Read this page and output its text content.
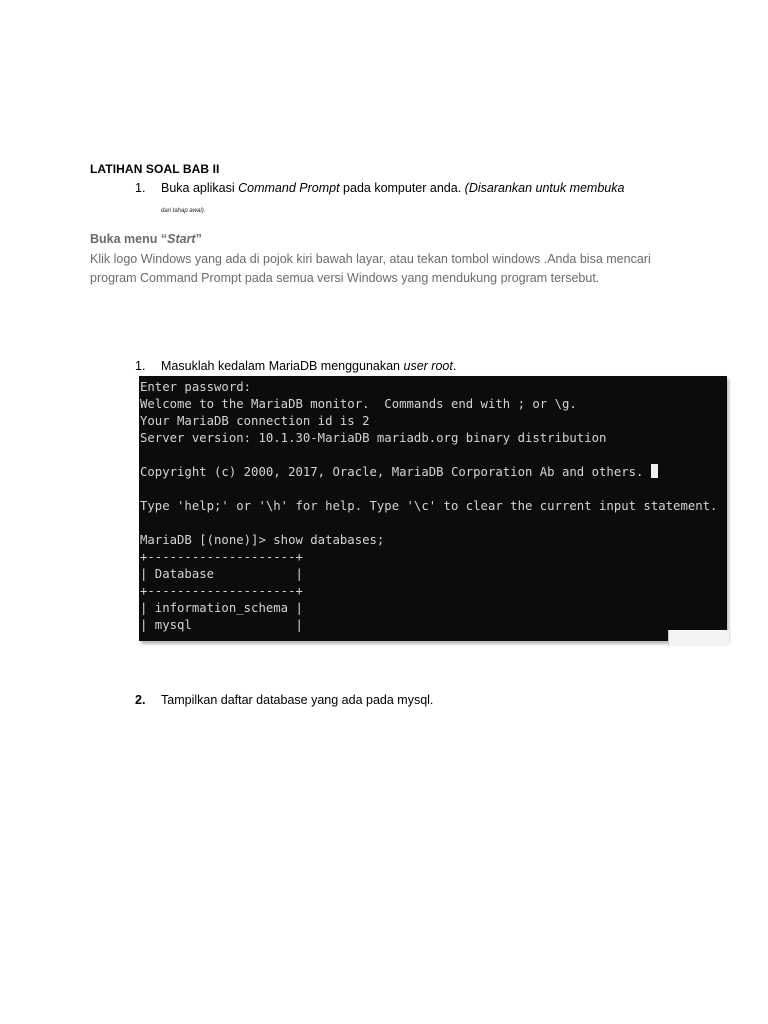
LATIHAN SOAL BAB II
1. Buka aplikasi Command Prompt pada komputer anda. (Disarankan untuk membuka
dari tahap awal).
Buka menu “Start”
Klik logo Windows yang ada di pojok kiri bawah layar, atau tekan tombol windows .Anda bisa mencari program Command Prompt pada semua versi Windows yang mendukung program tersebut.
1. Masuklah kedalam MariaDB menggunakan user root.
Enter password:
Welcome to the MariaDB monitor.  Commands end with ; or \g.
Your MariaDB connection id is 2
Server version: 10.1.30-MariaDB mariadb.org binary distribution

Copyright (c) 2000, 2017, Oracle, MariaDB Corporation Ab and others.

Type 'help;' or '\h' for help. Type '\c' to clear the current input statement.

MariaDB [(none)]> show databases;
+--------------------+
| Database           |
+--------------------+
| information_schema |
| mysql              |

2. Tampilkan daftar database yang ada pada mysql.
